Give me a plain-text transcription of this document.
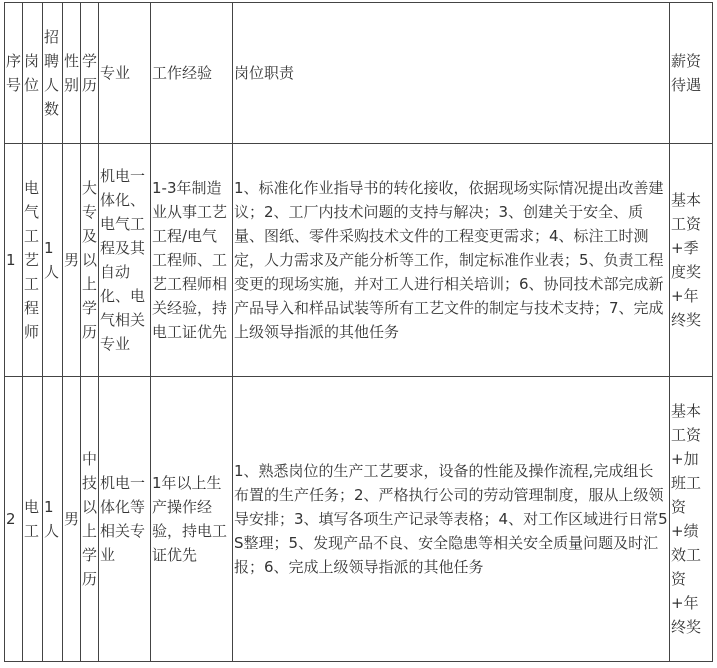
序号	岗位	招聘人数	性别	学历	专业	工作经验	岗位职责	薪资待遇
1	电气工艺工程师	1人	男	大专及以上学历	机电一体化、电气工程及其自动化、电气相关专业	1-3年制造业从事工艺工程/电气工程师、工艺工程师相关经验，持电工证优先	1、标准化作业指导书的转化接收，依据现场实际情况提出改善建议；2、工厂内技术问题的支持与解决；3、创建关于安全、质量、图纸、零件采购技术文件的工程变更需求；4、标注工时测定，人力需求及产能分析等工作，制定标准作业表；5、负责工程变更的现场实施，并对工人进行相关培训；6、协同技术部完成新产品导入和样品试装等所有工艺文件的制定与技术支持；7、完成上级领导指派的其他任务	基本工资+季度奖+年终奖
2	电工	1人	男	中技以上学历	机电一体化等相关专业	1年以上生产操作经验，持电工证优先	1、熟悉岗位的生产工艺要求，设备的性能及操作流程,完成组长布置的生产任务；2、严格执行公司的劳动管理制度，服从上级领导安排；3、填写各项生产记录等表格；4、对工作区域进行日常5S整理；5、发现产品不良、安全隐患等相关安全质量问题及时汇报；6、完成上级领导指派的其他任务	基本工资+加班工资+绩效工资+年终奖
